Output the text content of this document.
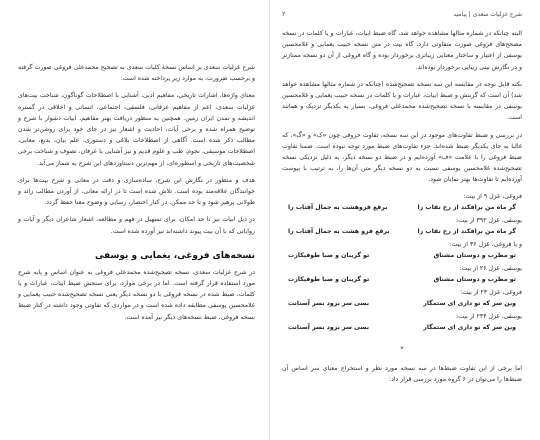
شرح غزلیات سعدی | پیامید
۲

البته چنانکه در شماره مثالها مشاهده خواهد شد، گاه ضبط ابیات، عبارات و یا کلمات در نسخه مصحح‌های فروغی صورت متفاوتی دارد. گاه بیت در متن نسخه حبیب یغمایی و غلامحسین یوسفی از اعتبار و ساختار معنایی زیباتری برخوردار بوده و گاه فروغی از آن دو نسخه ممتازتر و در نگارش بیتی زیبایی برخوردار بوده‌اند.

نکته قابل توجه در مقایسه این سه نسخه تصحیح‌شده (چنانکه در شماره مثالها مشاهده خواهد شد) آن است که گزینش و ضبط ابیات، عبارات و یا کلمات در نسخه حبیب یغمایی و غلامحسین یوسفی در مقایسه با نسخه تصحیح‌شده محمدعلی فروغی، بسیار به یکدیگر نزدیک و همانند است.

در بررسی و ضبط تفاوت‌های موجود در این سه نسخه، تفاوت حروفی چون «ک» و «گ»، که غالبا به جای یکدیگر ضبط شده‌اند، جزء تفاوت‌های ضبط مورد توجه نبوده است. ضمنا تفاوت ضبط فروغی را با علامت «ف» آورده‌ایم و در ضبط دو نسخه دیگر، به دلیل نزدیکی نسخه تصحیح‌شده غلامحسین یوسفی نسبت به دو نسخه دیگر متن آن‌ها را، به ترتیب با پیوست آورده‌ایم تا تفاوت‌ها بهتر نمایان شود.

فروغی، غزل ۹ از بیت:
گر ماه من برافکند از رخ نقاب را
برقع فروهشت به جمال آفتاب را
یوسفی، غزل ۳۹۲ از بیت:
گر ماه من برافکند از رخ نقاب را
برقع فرو هشت به جمال آفتاب را
و یا فروغی، غزل ۳۶ از بیت:
تو مطرب و دوستان مشتاق
تو گریبان و صبا طوفیکارت
یوسفی، غزل ۲۶ از بیت:
تو مطرب و دوستان مشتاق
تو گریبان و صبا طوفیکارت
فروغی، غزل ۲۳ از بیت:
وین سر که تو داری ای ستمگار
بسی سر برود بسر آستانت
یوسفی، غزل ۲۴۴ از بیت:
وین سر که تو داری ای ستمگار
بسی سر برود بسر آستانت
*

اما برخی از این تفاوت ضبط‌ها در سه نسخه مورد نظر و استخراج معنای سر اساس آن ضبط‌ها را می‌توان در ۶ گروه مورد بررسی قرار داد:

شرح غزلیات سعدی بر اساس نسخهٔ کلیات سعدی به تصحیح محمدعلی فروغی صورت گرفته و برحسب ضرورت، به موارد زیر پرداخته شده است:

معنای واژه‌ها، اشارات تاریخی، مفاهیم ادبی، آشنایی با اصطلاحات گوناگون، شناخت بیت‌های غزلیات سعدی، اعم از مفاهیم عرفانی، فلسفی، اجتماعی، انسانی و اخلاقی در گستره اندیشه و تمدن ایران زمین. همچنین به منظور دریافت بهتر مفاهیم، ابیات دشوار با شرح و توضیح همراه شده و برخی آیات، احادیث و اشعار نیز در جای خود برای روشن‌تر شدن مطالب ذکر شده است. آگاهی از اصطلاحات بلاغی و دستوری، علم بیان، بدیع، معانی، اصطلاحات موسیقی، نجوم، طب و علوم قدیم و نیز آشنایی با عرفان، تصوف و شناخت برخی شخصیت‌های تاریخی و اسطوره‌ای، از مهم‌ترین دستاوردهای این شرح به شمار می‌آید.

هدف و منظور در نگارش این شرح، ساده‌سازی و دقت در معانی و شرح بیت‌ها برای خوانندگان علاقه‌مند بوده است. تلاش شده است تا در ارائه معانی، از آوردن مطالب زائد و طولانی پرهیز شود و تا حد ممکن، در کنار اختصار، رسایی و وضوح معنا حفظ گردد.

در ذیل ابیات نیز تا حد امکان، برای تسهیل در فهم و مطالعه، اشعار شاعران دیگر و آیات و روایاتی که با آن بیت پیوند داشته‌اند نیز آورده شده است.

نسخه‌های فروغی، یغمایی و یوسفی

در شرح غزلیات سعدی، نسخه تصحیح‌شده محمدعلی فروغی به عنوان اساس و پایه شرح مورد استفاده قرار گرفته است. اما در برخی موارد، برای سنجش ضبط ابیات، عبارات و یا کلمات، ضبط شده در نسخه فروغی با دو نسخه دیگر یعنی نسخه تصحیح‌شده حبیب یغمایی و غلامحسین یوسفی مطابقه داده شده است و در مواردی که تفاوتی وجود داشته در کنار ضبط نسخه فروغی، ضبط نسخه‌های دیگر نیز آمده است.
